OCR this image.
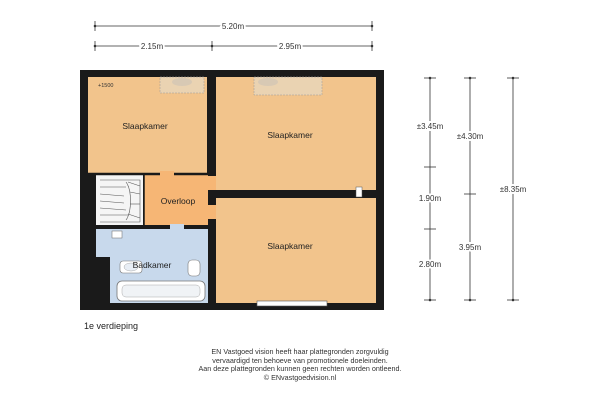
5.20m
2.15m	2.95m
Slaapkamer
Slaapkamer
Slaapkamer
Overloop
Badkamer
+1500
±3.45m
1.90m
2.80m
±4.30m
3.95m
±8.35m
1e verdieping
EN Vastgoed vision heeft haar plattegronden zorgvuldig
vervaardigd ten behoeve van promotionele doeleinden.
Aan deze plattegronden kunnen geen rechten worden ontleend.
© ENvastgoedvision.nl
